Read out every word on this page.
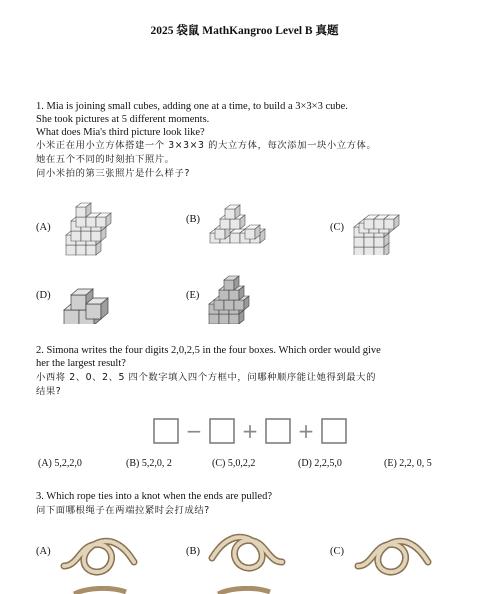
2025 袋鼠 MathKangroo Level B 真题
1. Mia is joining small cubes, adding one at a time, to build a 3×3×3 cube.
She took pictures at 5 different moments.
What does Mia's third picture look like?
小米正在用小立方体搭建一个 3×3×3 的大立方体，每次添加一块小立方体。
她在五个不同的时刻拍下照片。
问小米拍的第三张照片是什么样子?
(A)
(B)
(C)
(D)	(E)
2. Simona writes the four digits 2,0,2,5 in the four boxes. Which order would give
her the largest result?
小西将 2、0、2、5 四个数字填入四个方框中，问哪种顺序能让她得到最大的
结果?
− + +
(A) 5,2,2,0	(B) 5,2,0, 2	(C) 5,0,2,2	(D) 2,2,5,0	(E) 2,2, 0, 5
3. Which rope ties into a knot when the ends are pulled?
问下面哪根绳子在两端拉紧时会打成结?
(A)	(B)	(C)
